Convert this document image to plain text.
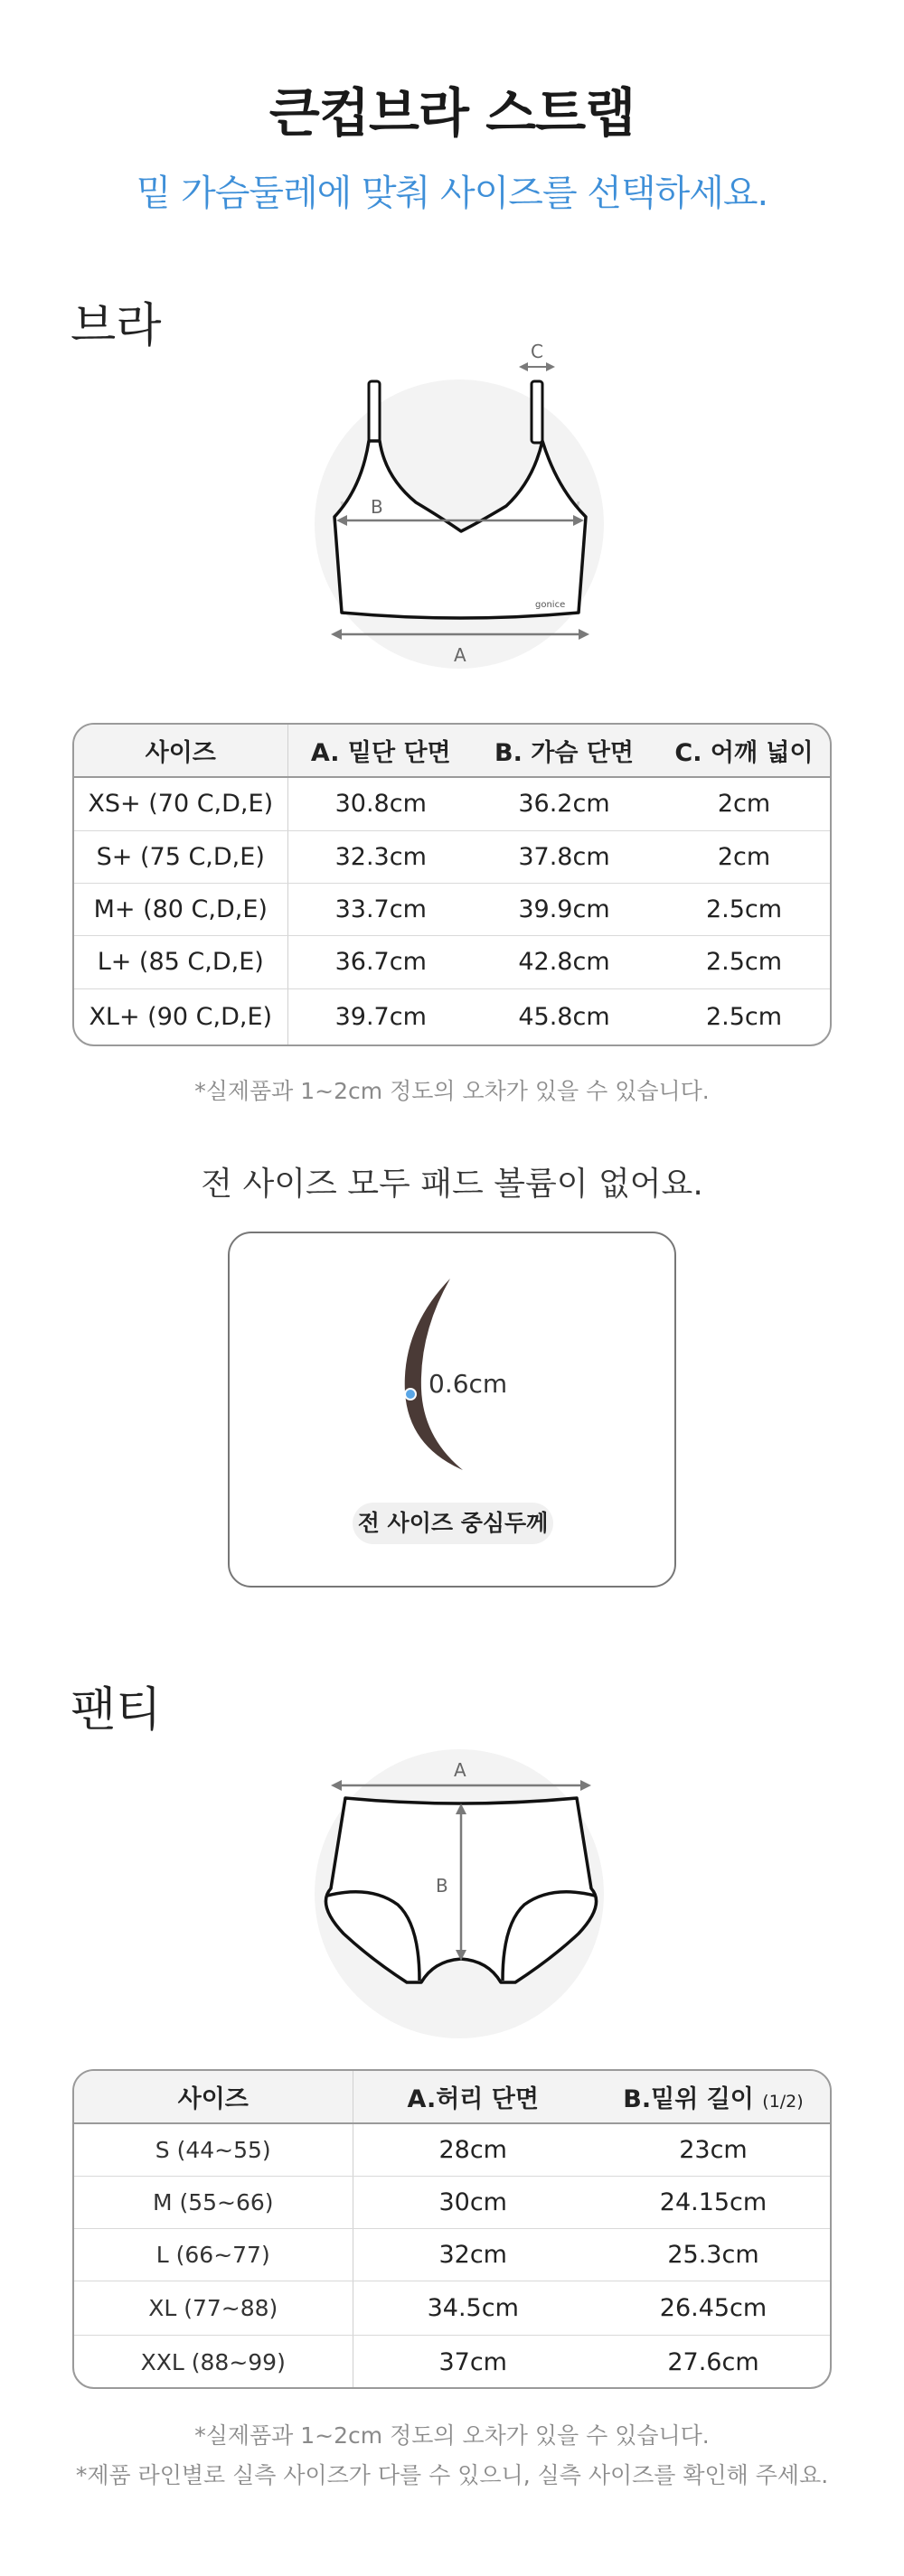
큰컵브라 스트랩
밑 가슴둘레에 맞춰 사이즈를 선택하세요.
브라
B
A
C
gonice
사이즈	A. 밑단 단면	B. 가슴 단면	C. 어깨 넓이
XS+ (70 C,D,E)	30.8cm	36.2cm	2cm
S+ (75 C,D,E)	32.3cm	37.8cm	2cm
M+ (80 C,D,E)	33.7cm	39.9cm	2.5cm
L+ (85 C,D,E)	36.7cm	42.8cm	2.5cm
XL+ (90 C,D,E)	39.7cm	45.8cm	2.5cm
*실제품과 1~2cm 정도의 오차가 있을 수 있습니다.
전 사이즈 모두 패드 볼륨이 없어요.
0.6cm
전 사이즈 중심두께
팬티
A
B
사이즈	A.허리 단면	B.밑위 길이 (1/2)
S (44~55)	28cm	23cm
M (55~66)	30cm	24.15cm
L (66~77)	32cm	25.3cm
XL (77~88)	34.5cm	26.45cm
XXL (88~99)	37cm	27.6cm
*실제품과 1~2cm 정도의 오차가 있을 수 있습니다.
*제품 라인별로 실측 사이즈가 다를 수 있으니, 실측 사이즈를 확인해 주세요.
